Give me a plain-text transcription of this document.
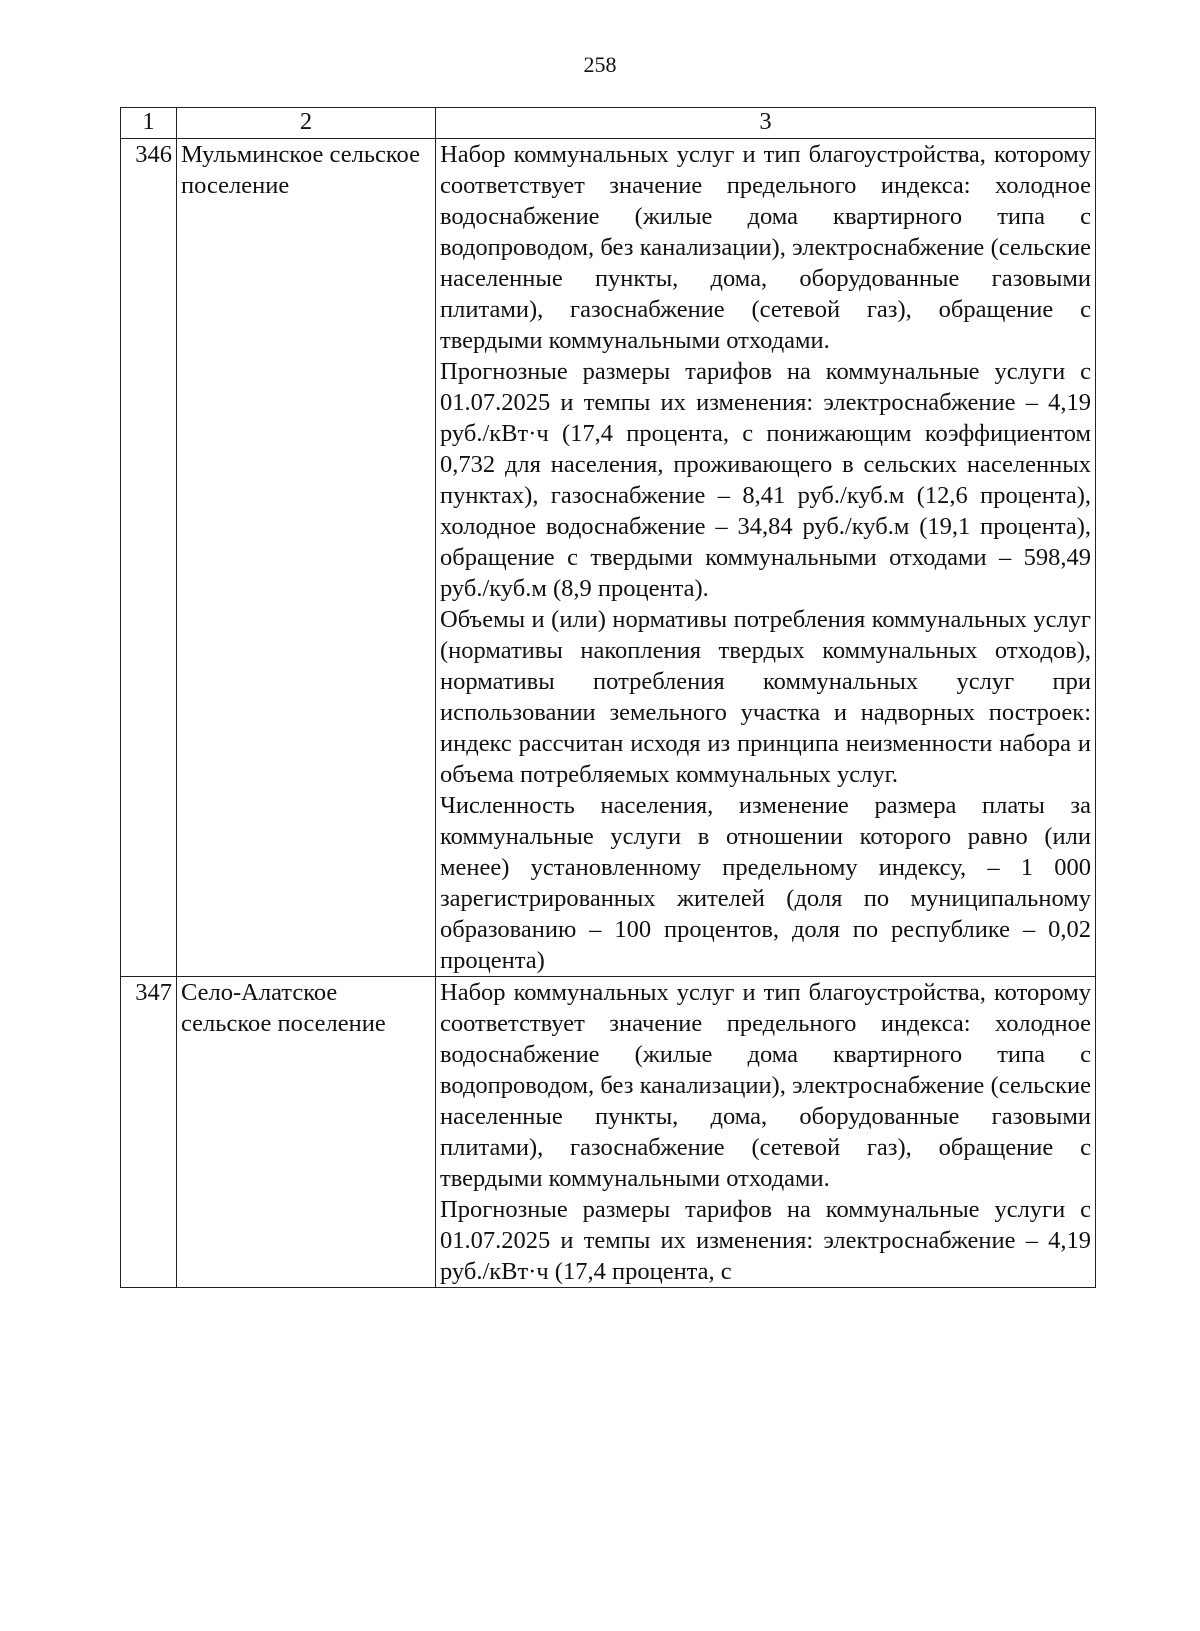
258
1	2	3
346	Мульминское сельское поселение	Набор коммунальных услуг и тип благоустройства, которому соответствует значение предельного индекса: холодное водоснабжение (жилые дома квартирного типа с водопроводом, без канализации), электроснабжение (сельские населенные пункты, дома, оборудованные газовыми плитами), газоснабжение (сетевой газ), обращение с твердыми коммунальными отходами.

Прогнозные размеры тарифов на коммунальные услуги с 01.07.2025 и темпы их изменения: электроснабжение – 4,19 руб./кВт·ч (17,4 процента, с понижающим коэффициентом 0,732 для населения, проживающего в сельских населенных пунктах), газоснабжение – 8,41 руб./куб.м (12,6 процента), холодное водоснабжение – 34,84 руб./куб.м (19,1 процента), обращение с твердыми коммунальными отходами – 598,49 руб./куб.м (8,9 процента).

Объемы и (или) нормативы потребления коммунальных услуг (нормативы накопления твердых коммунальных отходов), нормативы потребления коммунальных услуг при использовании земельного участка и надворных построек: индекс рассчитан исходя из принципа неизменности набора и объема потребляемых коммунальных услуг.

Численность населения, изменение размера платы за коммунальные услуги в отношении которого равно (или менее) установленному предельному индексу, – 1 000 зарегистрированных жителей (доля по муниципальному образованию – 100 процентов, доля по республике – 0,02 процента)

347	Село-Алатское сельское поселение	Набор коммунальных услуг и тип благоустройства, которому соответствует значение предельного индекса: холодное водоснабжение (жилые дома квартирного типа с водопроводом, без канализации), электроснабжение (сельские населенные пункты, дома, оборудованные газовыми плитами), газоснабжение (сетевой газ), обращение с твердыми коммунальными отходами.

Прогнозные размеры тарифов на коммунальные услуги с 01.07.2025 и темпы их изменения: электроснабжение – 4,19 руб./кВт·ч (17,4 процента, с
